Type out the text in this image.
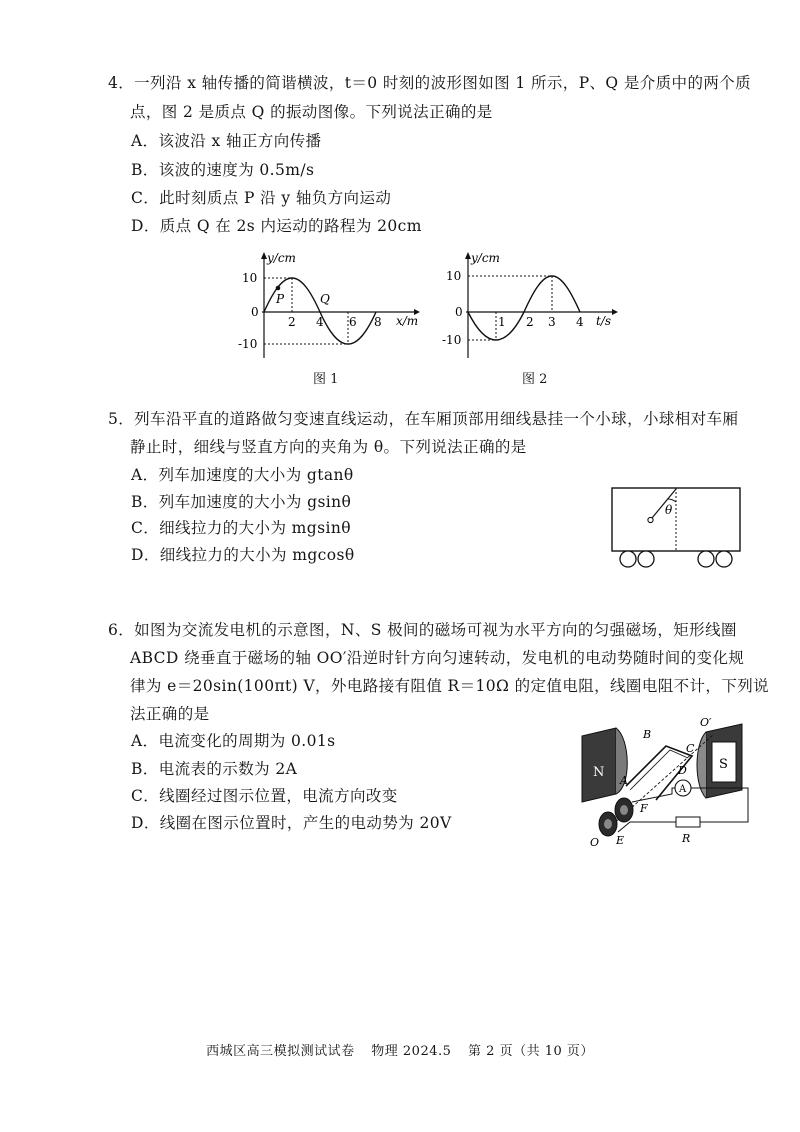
4．一列沿 x 轴传播的简谐横波，t＝0 时刻的波形图如图 1 所示，P、Q 是介质中的两个质
点，图 2 是质点 Q 的振动图像。下列说法正确的是
A．该波沿 x 轴正方向传播
B．该波的速度为 0.5m/s
C．此时刻质点 P 沿 y 轴负方向运动
D．质点 Q 在 2s 内运动的路程为 20cm
y/cm
x/m
10
0
-10
2 4 6 8
P	Q
图 1
y/cm
t/s
10
0
-10
1 2 3 4
图 2
5．列车沿平直的道路做匀变速直线运动，在车厢顶部用细线悬挂一个小球，小球相对车厢
静止时，细线与竖直方向的夹角为 θ。下列说法正确的是
A．列车加速度的大小为 gtanθ
B．列车加速度的大小为 gsinθ
C．细线拉力的大小为 mgsinθ
D．细线拉力的大小为 mgcosθ
θ
6．如图为交流发电机的示意图，N、S 极间的磁场可视为水平方向的匀强磁场，矩形线圈
ABCD 绕垂直于磁场的轴 OO′沿逆时针方向匀速转动，发电机的电动势随时间的变化规
律为 e＝20sin(100πt) V，外电路接有阻值 R＝10Ω 的定值电阻，线圈电阻不计，下列说
法正确的是
A．电流变化的周期为 0.01s
B．电流表的示数为 2A
C．线圈经过图示位置，电流方向改变
D．线圈在图示位置时，产生的电动势为 20V
N
S
A
B
O′
C
D
A
F
E
O	R
西城区高三模拟测试试卷 物理 2024.5 第 2 页（共 10 页）
